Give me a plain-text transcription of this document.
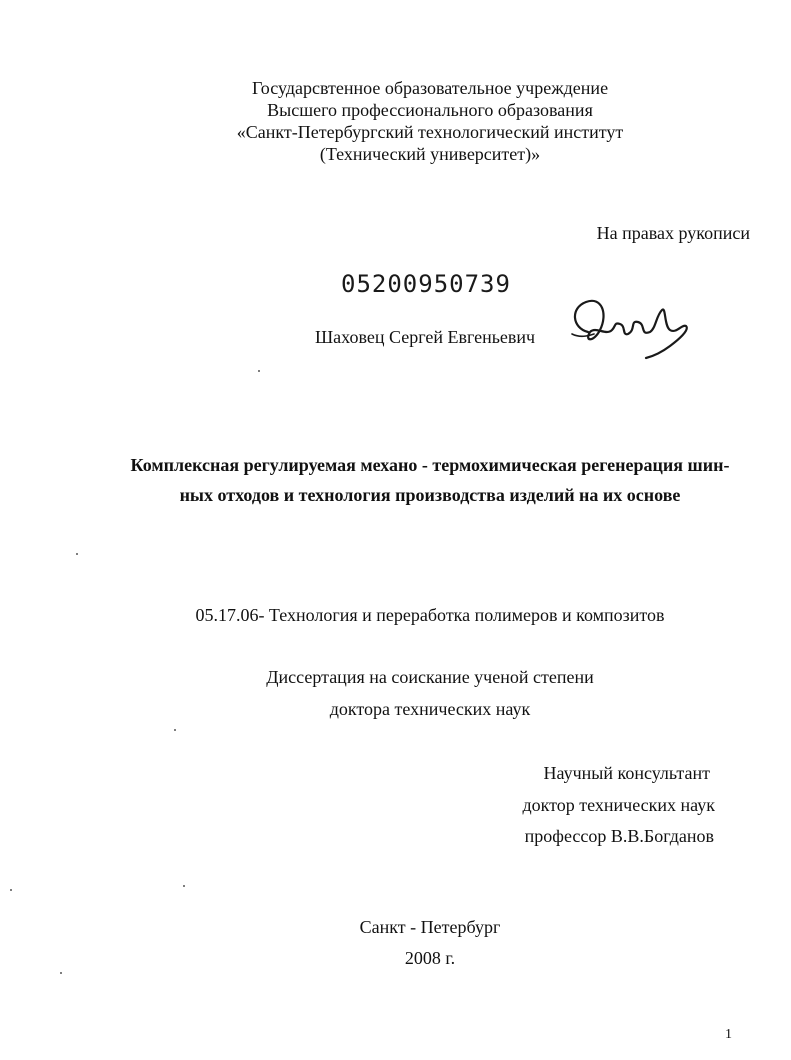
Государсвтенное образовательное учреждение
Высшего профессионального образования
«Санкт-Петербургский технологический институт
(Технический университет)»
На правах рукописи
05200950739
Шаховец Сергей Евгеньевич
Комплексная регулируемая механо - термохимическая регенерация шин-
ных отходов и технология производства изделий на их основе
05.17.06- Технология и переработка полимеров и композитов
Диссертация на соискание ученой степени
доктора технических наук
Научный консультант
доктор технических наук
профессор В.В.Богданов
Санкт - Петербург
2008 г.
1
